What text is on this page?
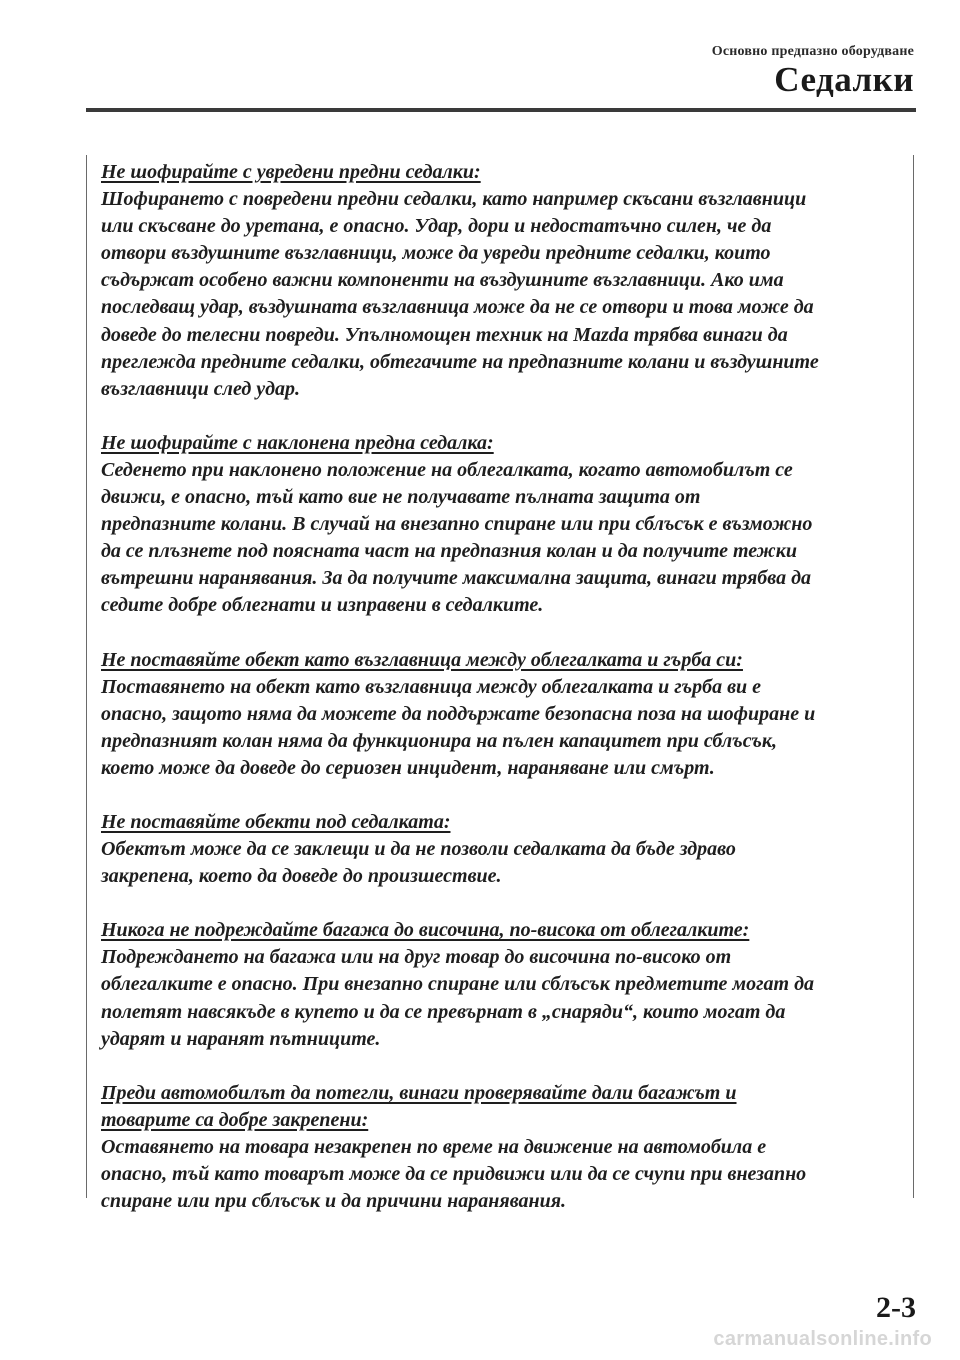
Основно предпазно оборудване
Седалки
Не шофирайте с увредени предни седалки:
Шофирането с повредени предни седалки, като например скъсани възглавници
или скъсване до уретана, е опасно. Удар, дори и недостатъчно силен, че да
отвори въздушните възглавници, може да увреди предните седалки, които
съдържат особено важни компоненти на въздушните възглавници. Ако има
последващ удар, въздушната възглавница може да не се отвори и това може да
доведе до телесни повреди. Упълномощен техник на Mazda трябва винаги да
преглежда предните седалки, обтегачите на предпазните колани и въздушните
възглавници след удар.
Не шофирайте с наклонена предна седалка:
Седенето при наклонено положение на облегалката, когато автомобилът се
движи, е опасно, тъй като вие не получавате пълната защита от
предпазните колани. В случай на внезапно спиране или при сблъсък е възможно
да се плъзнете под поясната част на предпазния колан и да получите тежки
вътрешни наранявания. За да получите максимална защита, винаги трябва да
седите добре облегнати и изправени в седалките.
Не поставяйте обект като възглавница между облегалката и гърба си:
Поставянето на обект като възглавница между облегалката и гърба ви е
опасно, защото няма да можете да поддържате безопасна поза на шофиране и
предпазният колан няма да функционира на пълен капацитет при сблъсък,
което може да доведе до сериозен инцидент, нараняване или смърт.
Не поставяйте обекти под седалката:
Обектът може да се заклещи и да не позволи седалката да бъде здраво
закрепена, което да доведе до произшествие.
Никога не подреждайте багажа до височина, по-висока от облегалките:
Подреждането на багажа или на друг товар до височина по-високо от
облегалките е опасно. При внезапно спиране или сблъсък предметите могат да
полетят навсякъде в купето и да се превърнат в „снаряди“, които могат да
ударят и наранят пътниците.
Преди автомобилът да потегли, винаги проверявайте дали багажът и
товарите са добре закрепени:
Оставянето на товара незакрепен по време на движение на автомобила е
опасно, тъй като товарът може да се придвижи или да се счупи при внезапно
спиране или при сблъсък и да причини наранявания.
2-3
carmanualsonline.info
